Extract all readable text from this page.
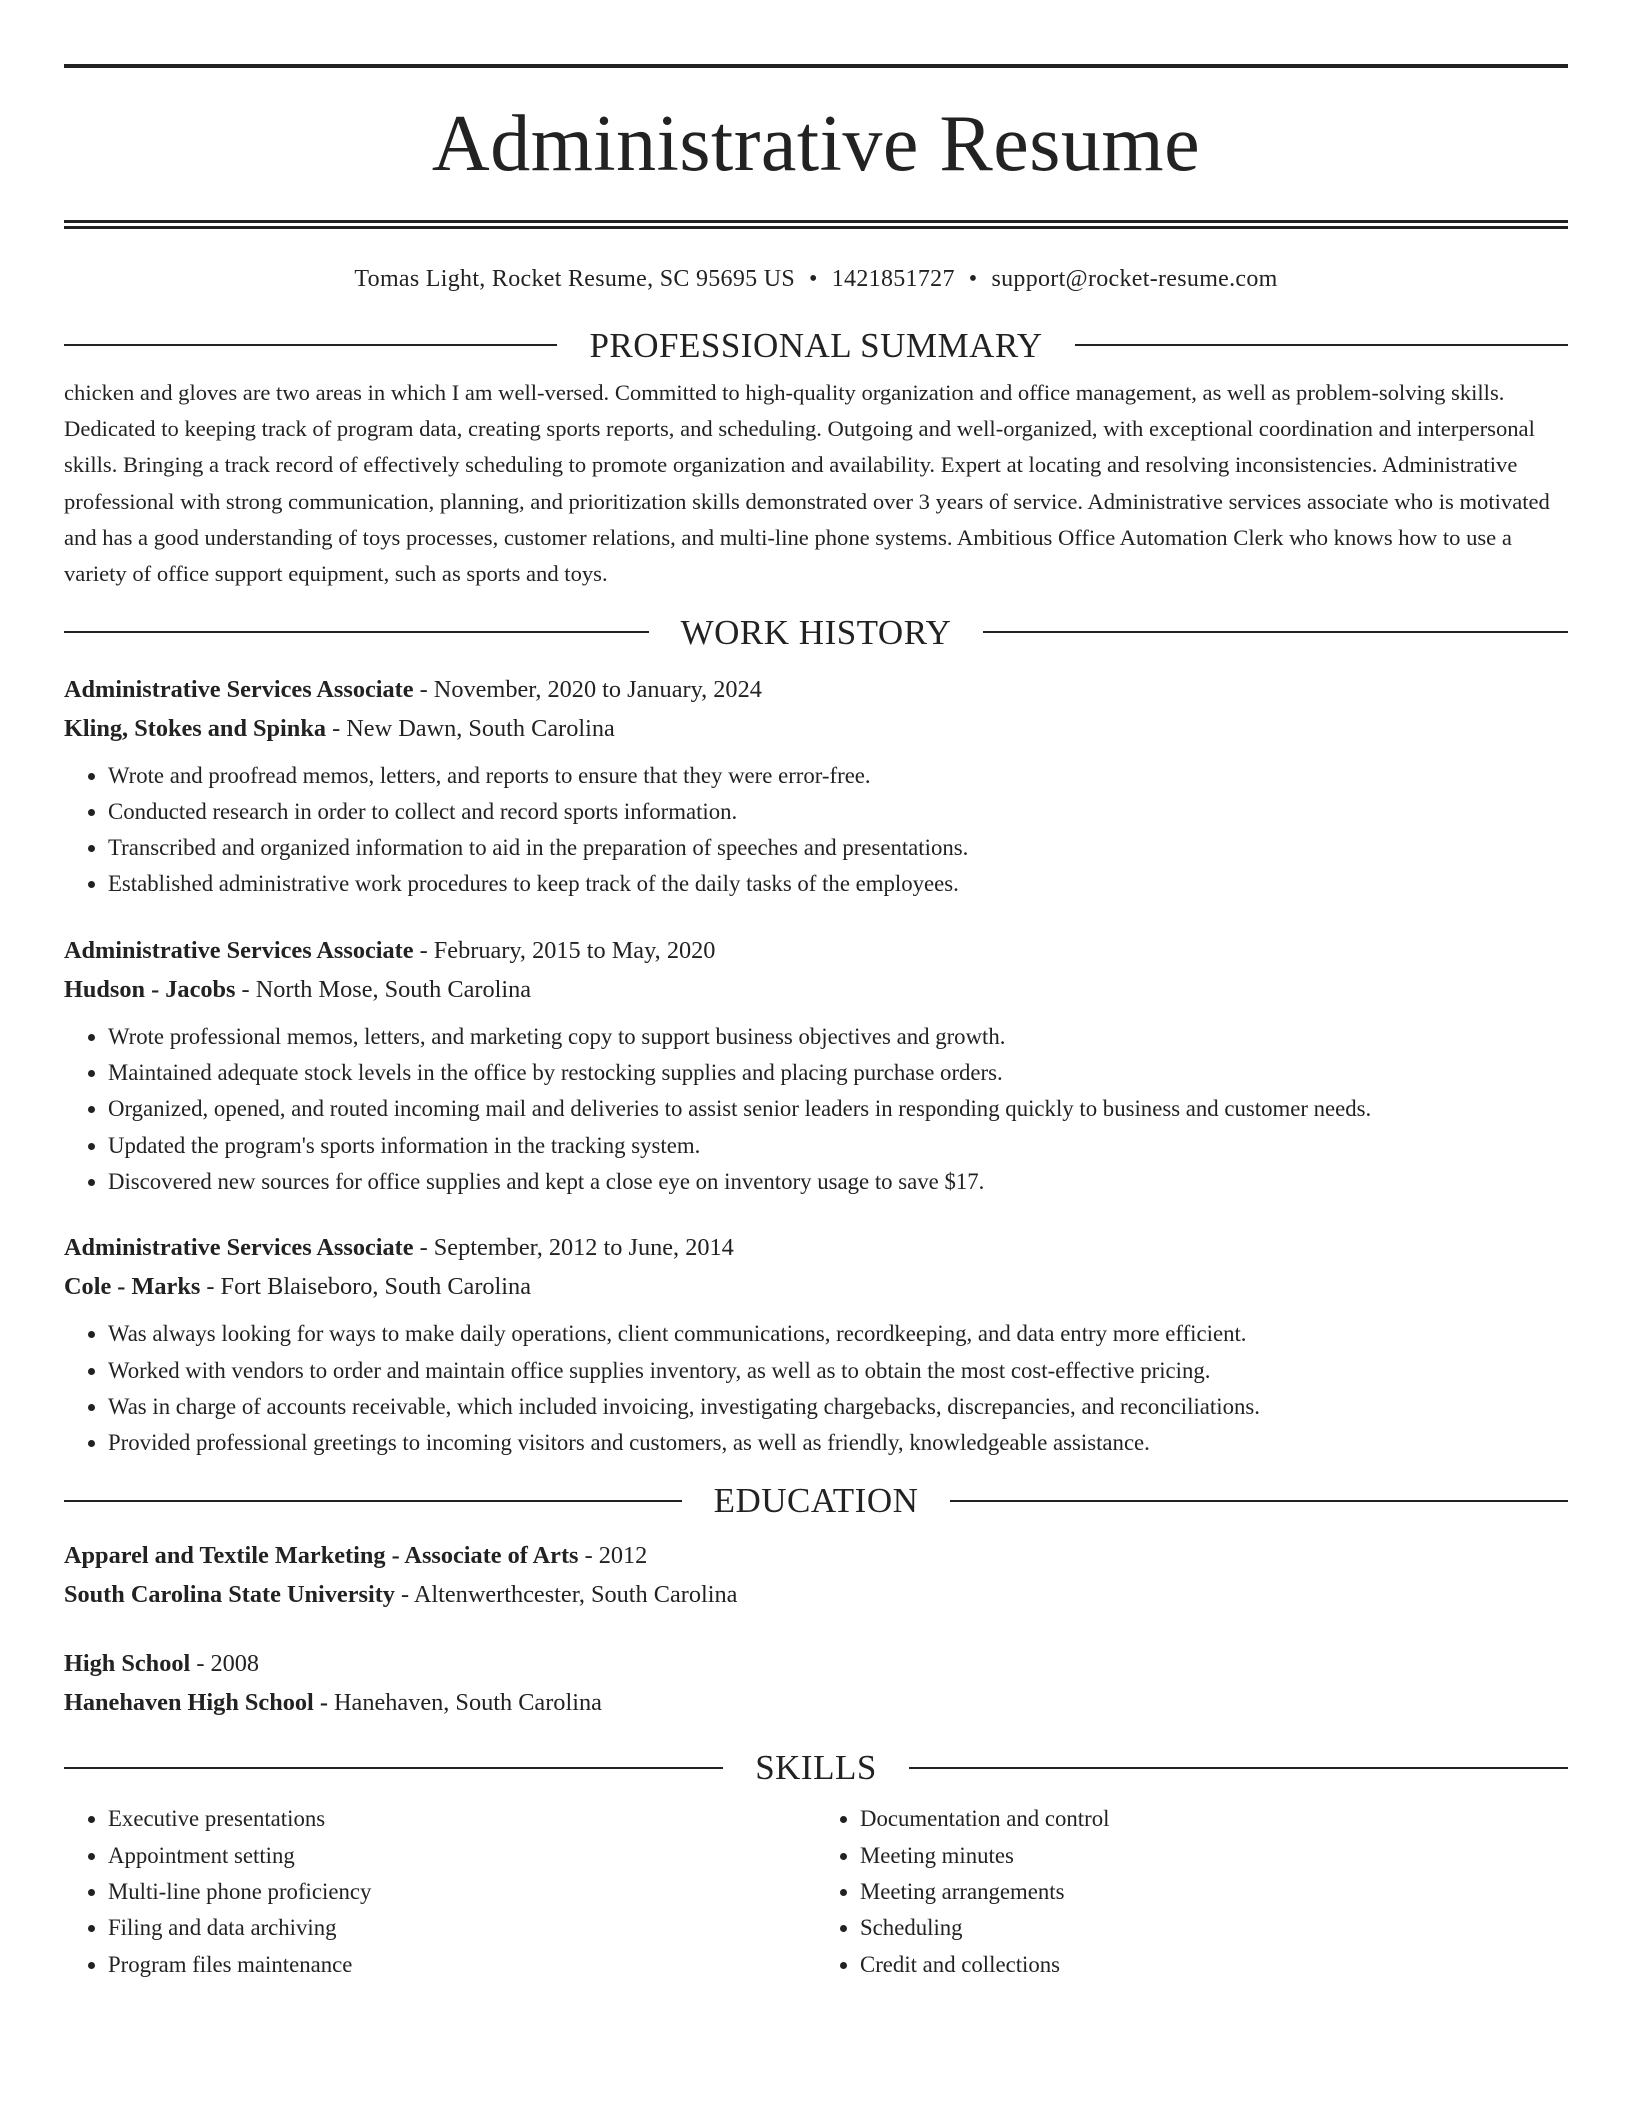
Administrative Resume
Tomas Light, Rocket Resume, SC 95695 US • 1421851727 • support@rocket-resume.com
PROFESSIONAL SUMMARY
chicken and gloves are two areas in which I am well-versed. Committed to high-quality organization and office management, as well as problem-solving skills. Dedicated to keeping track of program data, creating sports reports, and scheduling. Outgoing and well-organized, with exceptional coordination and interpersonal skills. Bringing a track record of effectively scheduling to promote organization and availability. Expert at locating and resolving inconsistencies. Administrative professional with strong communication, planning, and prioritization skills demonstrated over 3 years of service. Administrative services associate who is motivated and has a good understanding of toys processes, customer relations, and multi-line phone systems. Ambitious Office Automation Clerk who knows how to use a variety of office support equipment, such as sports and toys.
WORK HISTORY
Administrative Services Associate - November, 2020 to January, 2024
Kling, Stokes and Spinka - New Dawn, South Carolina
• Wrote and proofread memos, letters, and reports to ensure that they were error-free.
• Conducted research in order to collect and record sports information.
• Transcribed and organized information to aid in the preparation of speeches and presentations.
• Established administrative work procedures to keep track of the daily tasks of the employees.
Administrative Services Associate - February, 2015 to May, 2020
Hudson - Jacobs - North Mose, South Carolina
• Wrote professional memos, letters, and marketing copy to support business objectives and growth.
• Maintained adequate stock levels in the office by restocking supplies and placing purchase orders.
• Organized, opened, and routed incoming mail and deliveries to assist senior leaders in responding quickly to business and customer needs.
• Updated the program's sports information in the tracking system.
• Discovered new sources for office supplies and kept a close eye on inventory usage to save $17.
Administrative Services Associate - September, 2012 to June, 2014
Cole - Marks - Fort Blaiseboro, South Carolina
• Was always looking for ways to make daily operations, client communications, recordkeeping, and data entry more efficient.
• Worked with vendors to order and maintain office supplies inventory, as well as to obtain the most cost-effective pricing.
• Was in charge of accounts receivable, which included invoicing, investigating chargebacks, discrepancies, and reconciliations.
• Provided professional greetings to incoming visitors and customers, as well as friendly, knowledgeable assistance.
EDUCATION
Apparel and Textile Marketing - Associate of Arts - 2012
South Carolina State University - Altenwerthcester, South Carolina
High School - 2008
Hanehaven High School - Hanehaven, South Carolina
SKILLS
• Executive presentations
• Appointment setting
• Multi-line phone proficiency
• Filing and data archiving
• Program files maintenance
• Documentation and control
• Meeting minutes
• Meeting arrangements
• Scheduling
• Credit and collections
